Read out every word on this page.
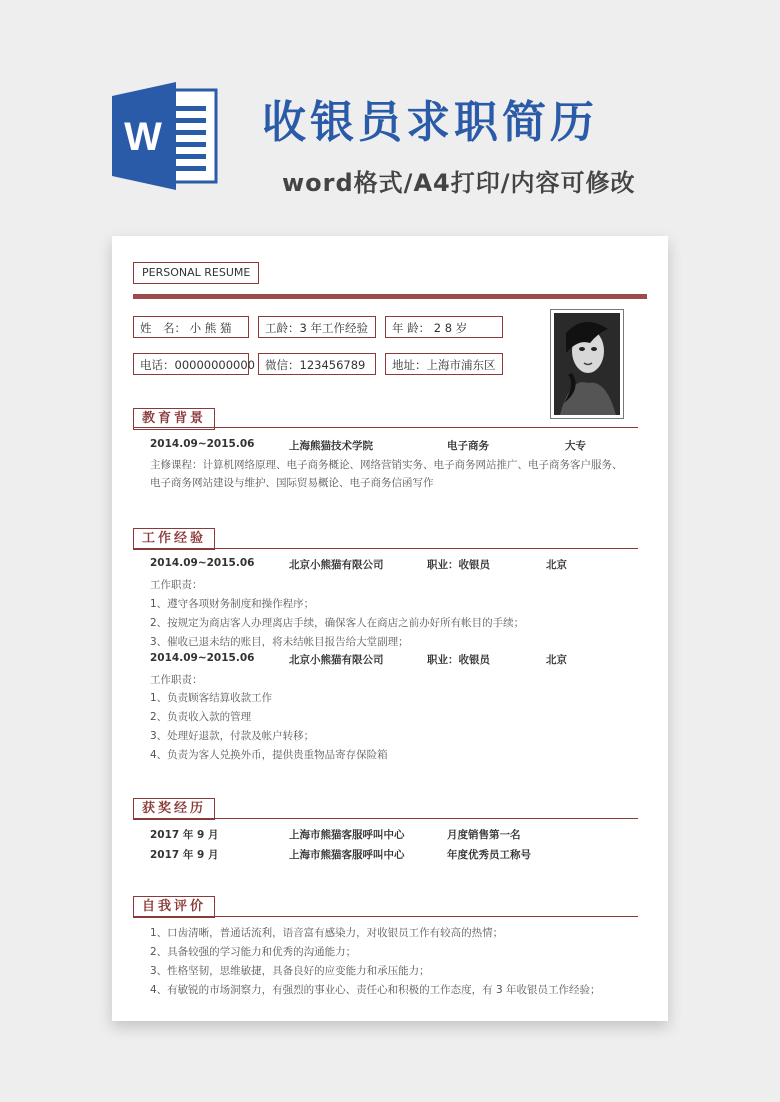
W 收银员求职简历
word格式/A4打印/内容可修改
PERSONAL RESUME
姓　名： 小 熊 猫	工龄：3 年工作经验	年 龄： 2 8 岁
电话：00000000000 微信：123456789	地址：上海市浦东区
教育背景
2014.09~2015.06	上海熊猫技术学院	电子商务	大专
主修课程：计算机网络原理、电子商务概论、网络营销实务、电子商务网站推广、电子商务客户服务、
电子商务网站建设与维护、国际贸易概论、电子商务信函写作
工作经验
2014.09~2015.06	北京小熊猫有限公司	职业：收银员	北京
工作职责：
1、遵守各项财务制度和操作程序；
2、按规定为商店客人办理离店手续，确保客人在商店之前办好所有帐目的手续；
3、催收已退未结的账目，将未结帐目报告给大堂副理；
2014.09~2015.06	北京小熊猫有限公司	职业：收银员	北京
工作职责：
1、负责顾客结算收款工作
2、负责收入款的管理
3、处理好退款，付款及帐户转移；
4、负责为客人兑换外币，提供贵重物品寄存保险箱
获奖经历
2017 年 9 月	上海市熊猫客服呼叫中心	月度销售第一名
2017 年 9 月	上海市熊猫客服呼叫中心	年度优秀员工称号
自我评价
1、口齿清晰，普通话流利，语音富有感染力，对收银员工作有较高的热情；
2、具备较强的学习能力和优秀的沟通能力；
3、性格坚韧，思维敏捷，具备良好的应变能力和承压能力；
4、有敏锐的市场洞察力，有强烈的事业心、责任心和积极的工作态度，有 3 年收银员工作经验；
